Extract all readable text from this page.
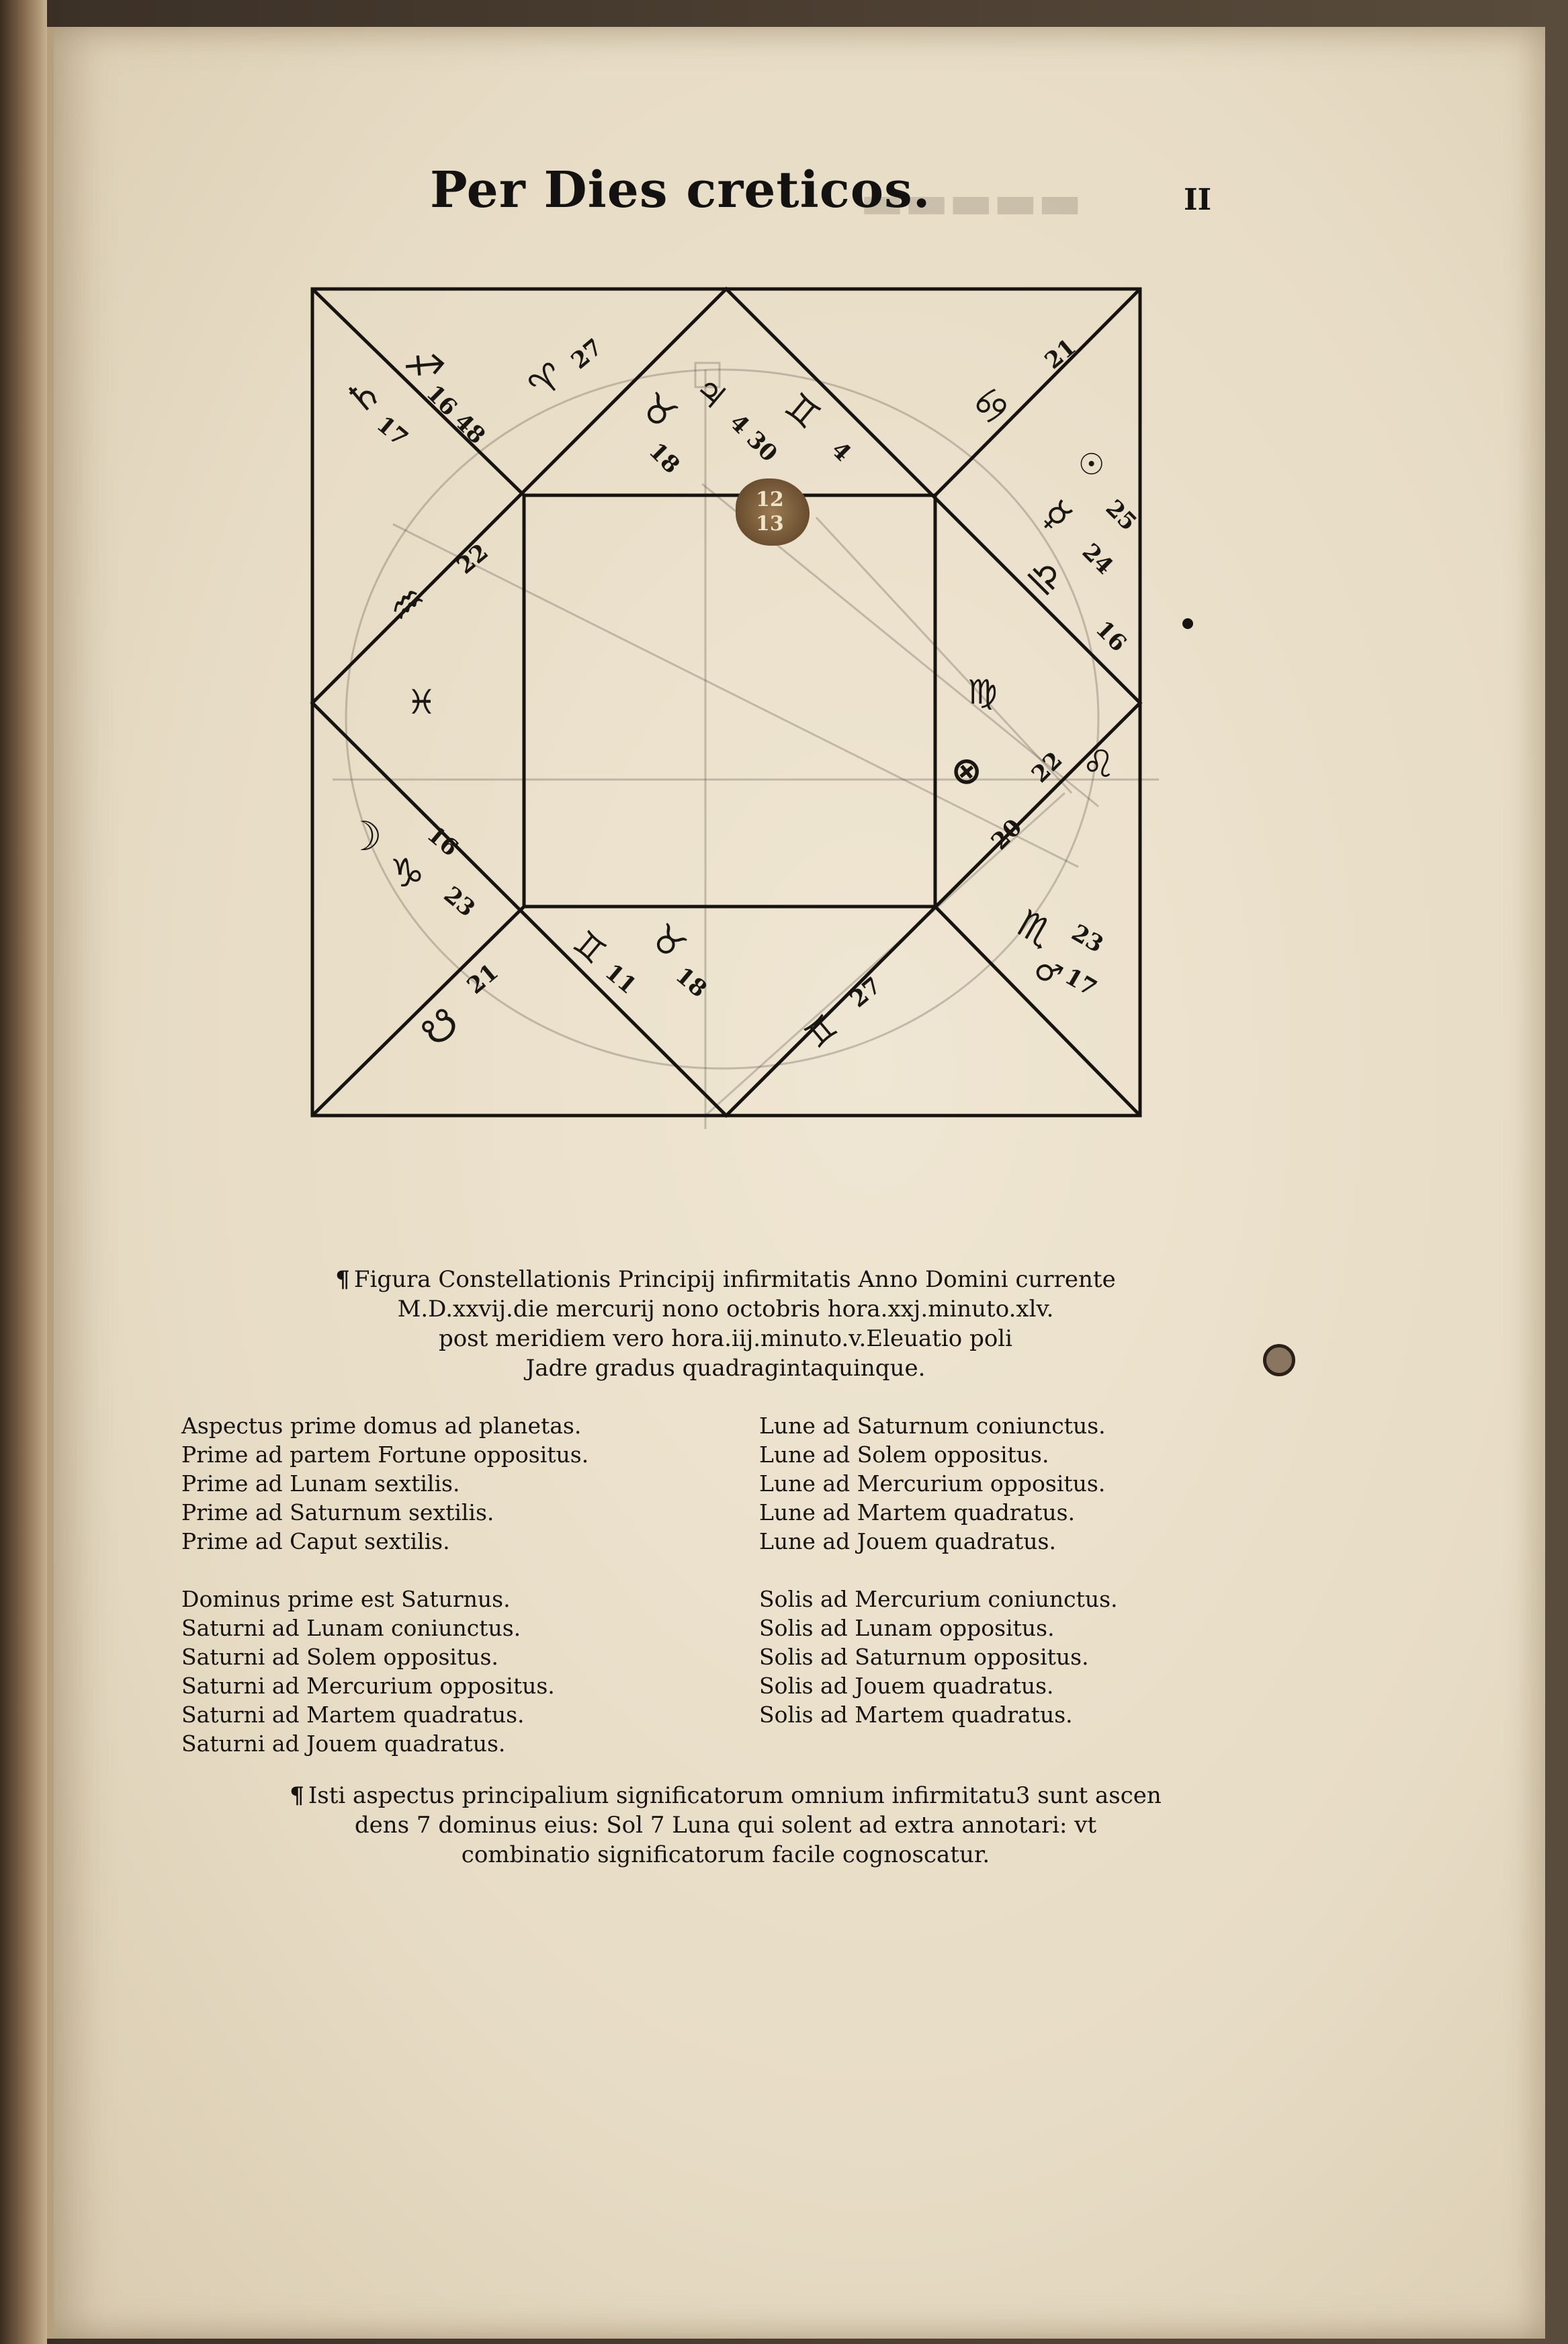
▬▬▬▬▬
Per Dies creticos.	II
♄
17
♐
16 48 ♈
27
♉
18
♃
4 30
♊
4
♋
21
☉
25
☿
24
♎
16
♒
22
♓	♍
♌
22
⊕
20
♏ 23
♂
17
☽ 16
♑
23
☋
21
♊
11
♉
18
♊
27
12
13
¶ Figura Constellationis Principij infirmitatis Anno Domini currente
M.D.xxvij.die mercurij nono octobris hora.xxj.minuto.xlv.
post meridiem vero hora.iij.minuto.v.Eleuatio poli
Jadre gradus quadragintaquinque.
Aspectus prime domus ad planetas.
Prime ad partem Fortune oppositus.
Prime ad Lunam sextilis.
Prime ad Saturnum sextilis.
Prime ad Caput sextilis.
Dominus prime est Saturnus.
Saturni ad Lunam coniunctus.
Saturni ad Solem oppositus.
Saturni ad Mercurium oppositus.
Saturni ad Martem quadratus.
Saturni ad Jouem quadratus.
Lune ad Saturnum coniunctus.
Lune ad Solem oppositus.
Lune ad Mercurium oppositus.
Lune ad Martem quadratus.
Lune ad Jouem quadratus.
Solis ad Mercurium coniunctus.
Solis ad Lunam oppositus.
Solis ad Saturnum oppositus.
Solis ad Jouem quadratus.
Solis ad Martem quadratus.
¶ Isti aspectus principalium significatorum omnium infirmitatu3 sunt ascen
dens 7 dominus eius: Sol 7 Luna qui solent ad extra annotari: vt
combinatio significatorum facile cognoscatur.
